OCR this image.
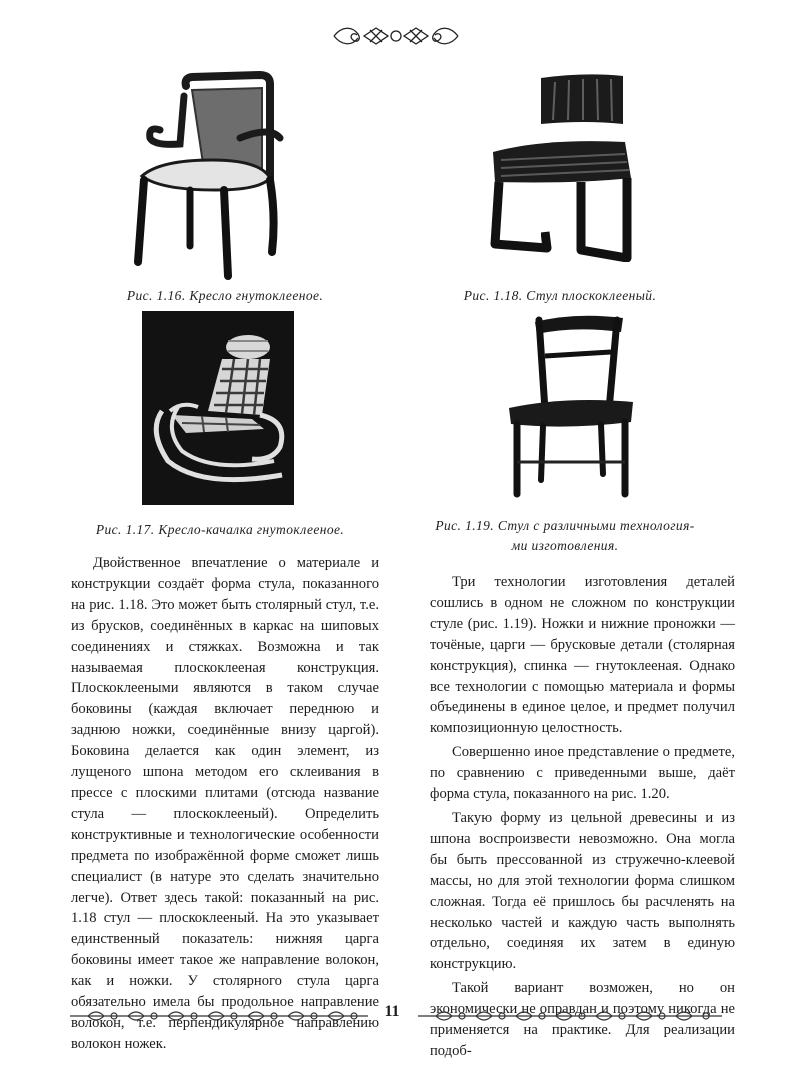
Рис. 1.16. Кресло гнутоклееное.	Рис. 1.18. Стул плоскоклееный.
Рис. 1.17. Кресло-качалка гнутоклееное.	Рис. 1.19. Стул с различными технология-
ми изготовления.

Двойственное впечатление о материале и конструкции создаёт форма стула, показанного на рис. 1.18. Это может быть столярный стул, т.е. из брусков, соединённых в каркас на шиповых соединениях и стяжках. Возможна и так называемая плоскоклееная конструкция. Плоскоклееными являются в таком случае боковины (каждая включает переднюю и заднюю ножки, соединённые внизу царгой). Боковина делается как один элемент, из лущеного шпона методом его склеивания в прессе с плоскими плитами (отсюда название стула — плоскоклееный). Определить конструктивные и технологические особенности предмета по изображённой форме сможет лишь специалист (в натуре это сделать значительно легче). Ответ здесь такой: показанный на рис. 1.18 стул — плоскоклееный. На это указывает единственный показатель: нижняя царга боковины имеет такое же направление волокон, как и ножки. У столярного стула царга обязательно имела бы продольное направление волокон, т.е. перпендикулярное направлению волокон ножек.

Три технологии изготовления деталей сошлись в одном не сложном по конструкции стуле (рис. 1.19). Ножки и нижние проножки — точёные, царги — брусковые детали (столярная конструкция), спинка — гнутоклееная. Однако все технологии с помощью материала и формы объединены в единое целое, и предмет получил композиционную целостность.

Совершенно иное представление о предмете, по сравнению с приведенными выше, даёт форма стула, показанного на рис. 1.20.

Такую форму из цельной древесины и из шпона воспроизвести невозможно. Она могла бы быть прессованной из стружечно-клеевой массы, но для этой технологии форма слишком сложная. Тогда её пришлось бы расчленять на несколько частей и каждую часть выполнять отдельно, соединяя их затем в единую конструкцию.

Такой вариант возможен, но он экономически не оправдан и поэтому никогда не применяется на практике. Для реализации подоб-

11
